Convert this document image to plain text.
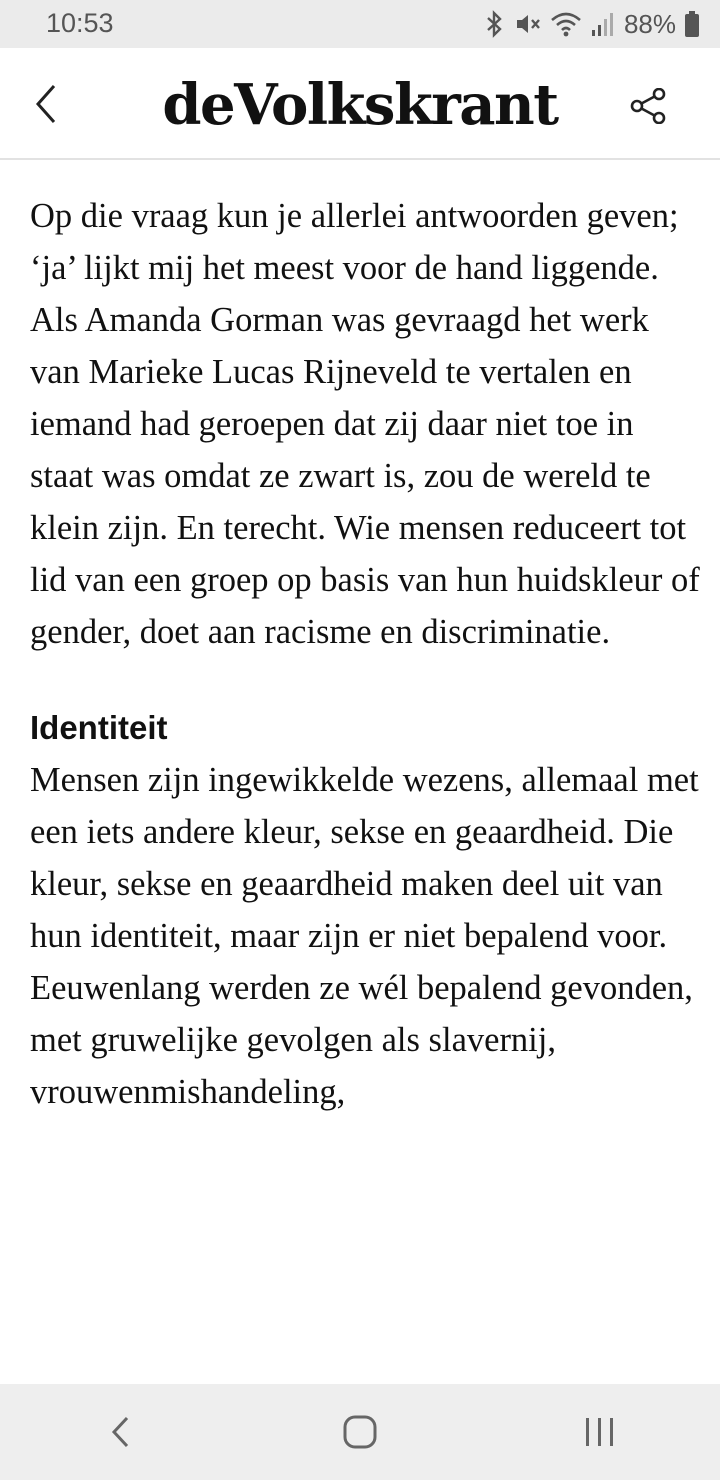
10:53	88%
deVolkskrant

Op die vraag kun je allerlei antwoorden geven; ‘ja’ lijkt mij het meest voor de hand liggende. Als Amanda Gorman was gevraagd het werk van Marieke Lucas Rijneveld te vertalen en iemand had geroepen dat zij daar niet toe in staat was omdat ze zwart is, zou de wereld te klein zijn. En terecht. Wie mensen reduceert tot lid van een groep op basis van hun huidskleur of gender, doet aan racisme en discriminatie.

Identiteit

Mensen zijn ingewikkelde wezens, allemaal met een iets andere kleur, sekse en geaardheid. Die kleur, sekse en geaardheid maken deel uit van hun identiteit, maar zijn er niet bepalend voor. Eeuwenlang werden ze wél bepalend gevonden, met gruwelijke gevolgen als slavernij, vrouwenmishandeling,
